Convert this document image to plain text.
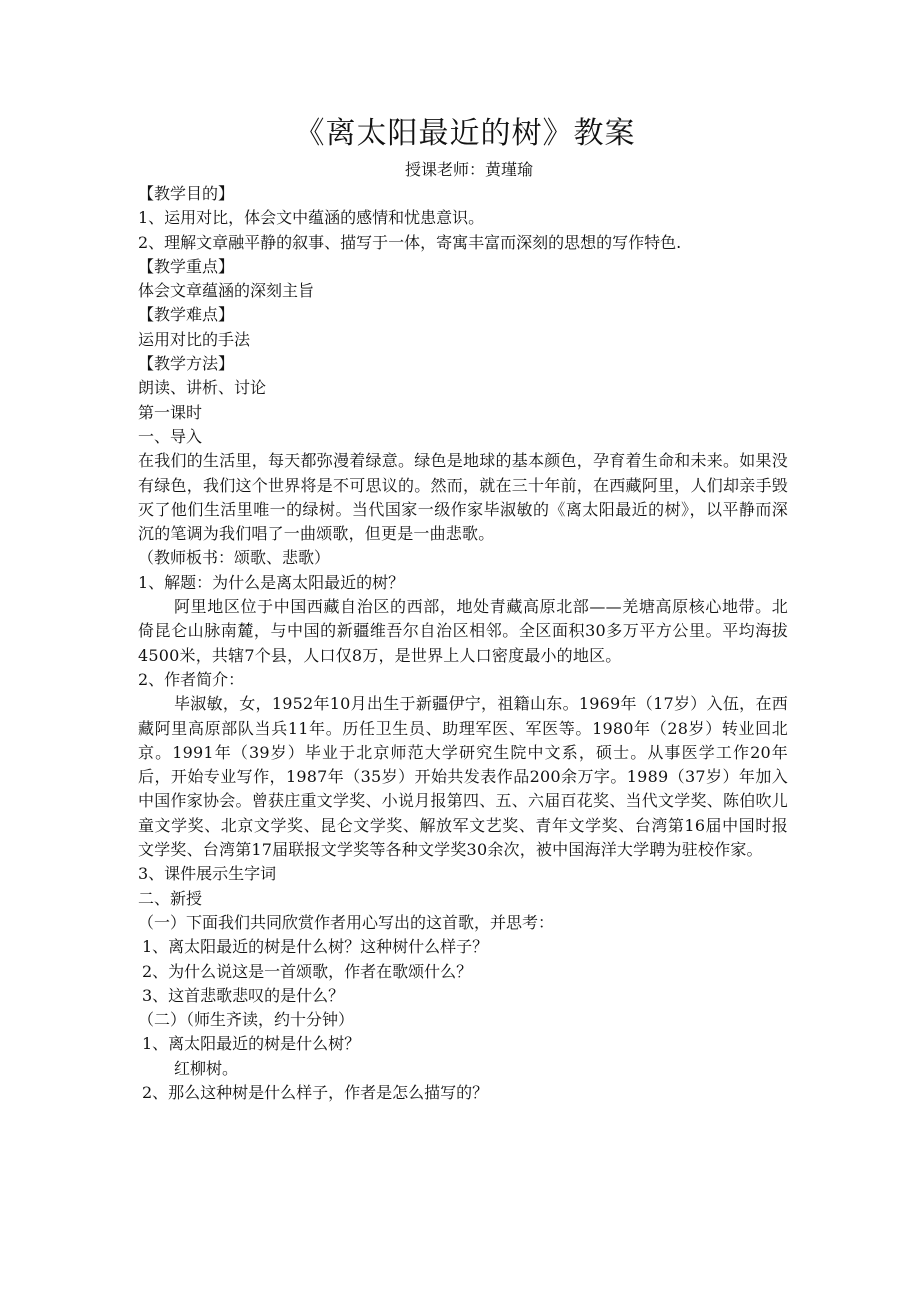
《离太阳最近的树》教案

授课老师：黄瑾瑜

【教学目的】

1、运用对比，体会文中蕴涵的感情和忧患意识。

2、理解文章融平静的叙事、描写于一体，寄寓丰富而深刻的思想的写作特色.

【教学重点】

体会文章蕴涵的深刻主旨

【教学难点】

运用对比的手法

【教学方法】

朗读、讲析、讨论

第一课时

一、导入

在我们的生活里，每天都弥漫着绿意。绿色是地球的基本颜色，孕育着生命和未来。如果没有绿色，我们这个世界将是不可思议的。然而，就在三十年前，在西藏阿里，人们却亲手毁灭了他们生活里唯一的绿树。当代国家一级作家毕淑敏的《离太阳最近的树》，以平静而深沉的笔调为我们唱了一曲颂歌，但更是一曲悲歌。

（教师板书：颂歌、悲歌）

1、解题：为什么是离太阳最近的树？

阿里地区位于中国西藏自治区的西部，地处青藏高原北部——羌塘高原核心地带。北倚昆仑山脉南麓，与中国的新疆维吾尔自治区相邻。全区面积30多万平方公里。平均海拔4500米，共辖7个县，人口仅8万，是世界上人口密度最小的地区。

2、作者简介：

毕淑敏，女，1952年10月出生于新疆伊宁，祖籍山东。1969年（17岁）入伍，在西藏阿里高原部队当兵11年。历任卫生员、助理军医、军医等。1980年（28岁）转业回北京。1991年（39岁）毕业于北京师范大学研究生院中文系，硕士。从事医学工作20年后，开始专业写作，1987年（35岁）开始共发表作品200余万字。1989（37岁）年加入中国作家协会。曾获庄重文学奖、小说月报第四、五、六届百花奖、当代文学奖、陈伯吹儿童文学奖、北京文学奖、昆仑文学奖、解放军文艺奖、青年文学奖、台湾第16届中国时报文学奖、台湾第17届联报文学奖等各种文学奖30余次，被中国海洋大学聘为驻校作家。

3、课件展示生字词

二、新授

（一）下面我们共同欣赏作者用心写出的这首歌，并思考：

1、离太阳最近的树是什么树？这种树什么样子？

2、为什么说这是一首颂歌，作者在歌颂什么？

3、这首悲歌悲叹的是什么？

（二）（师生齐读，约十分钟）

1、离太阳最近的树是什么树？

红柳树。

2、那么这种树是什么样子，作者是怎么描写的？
